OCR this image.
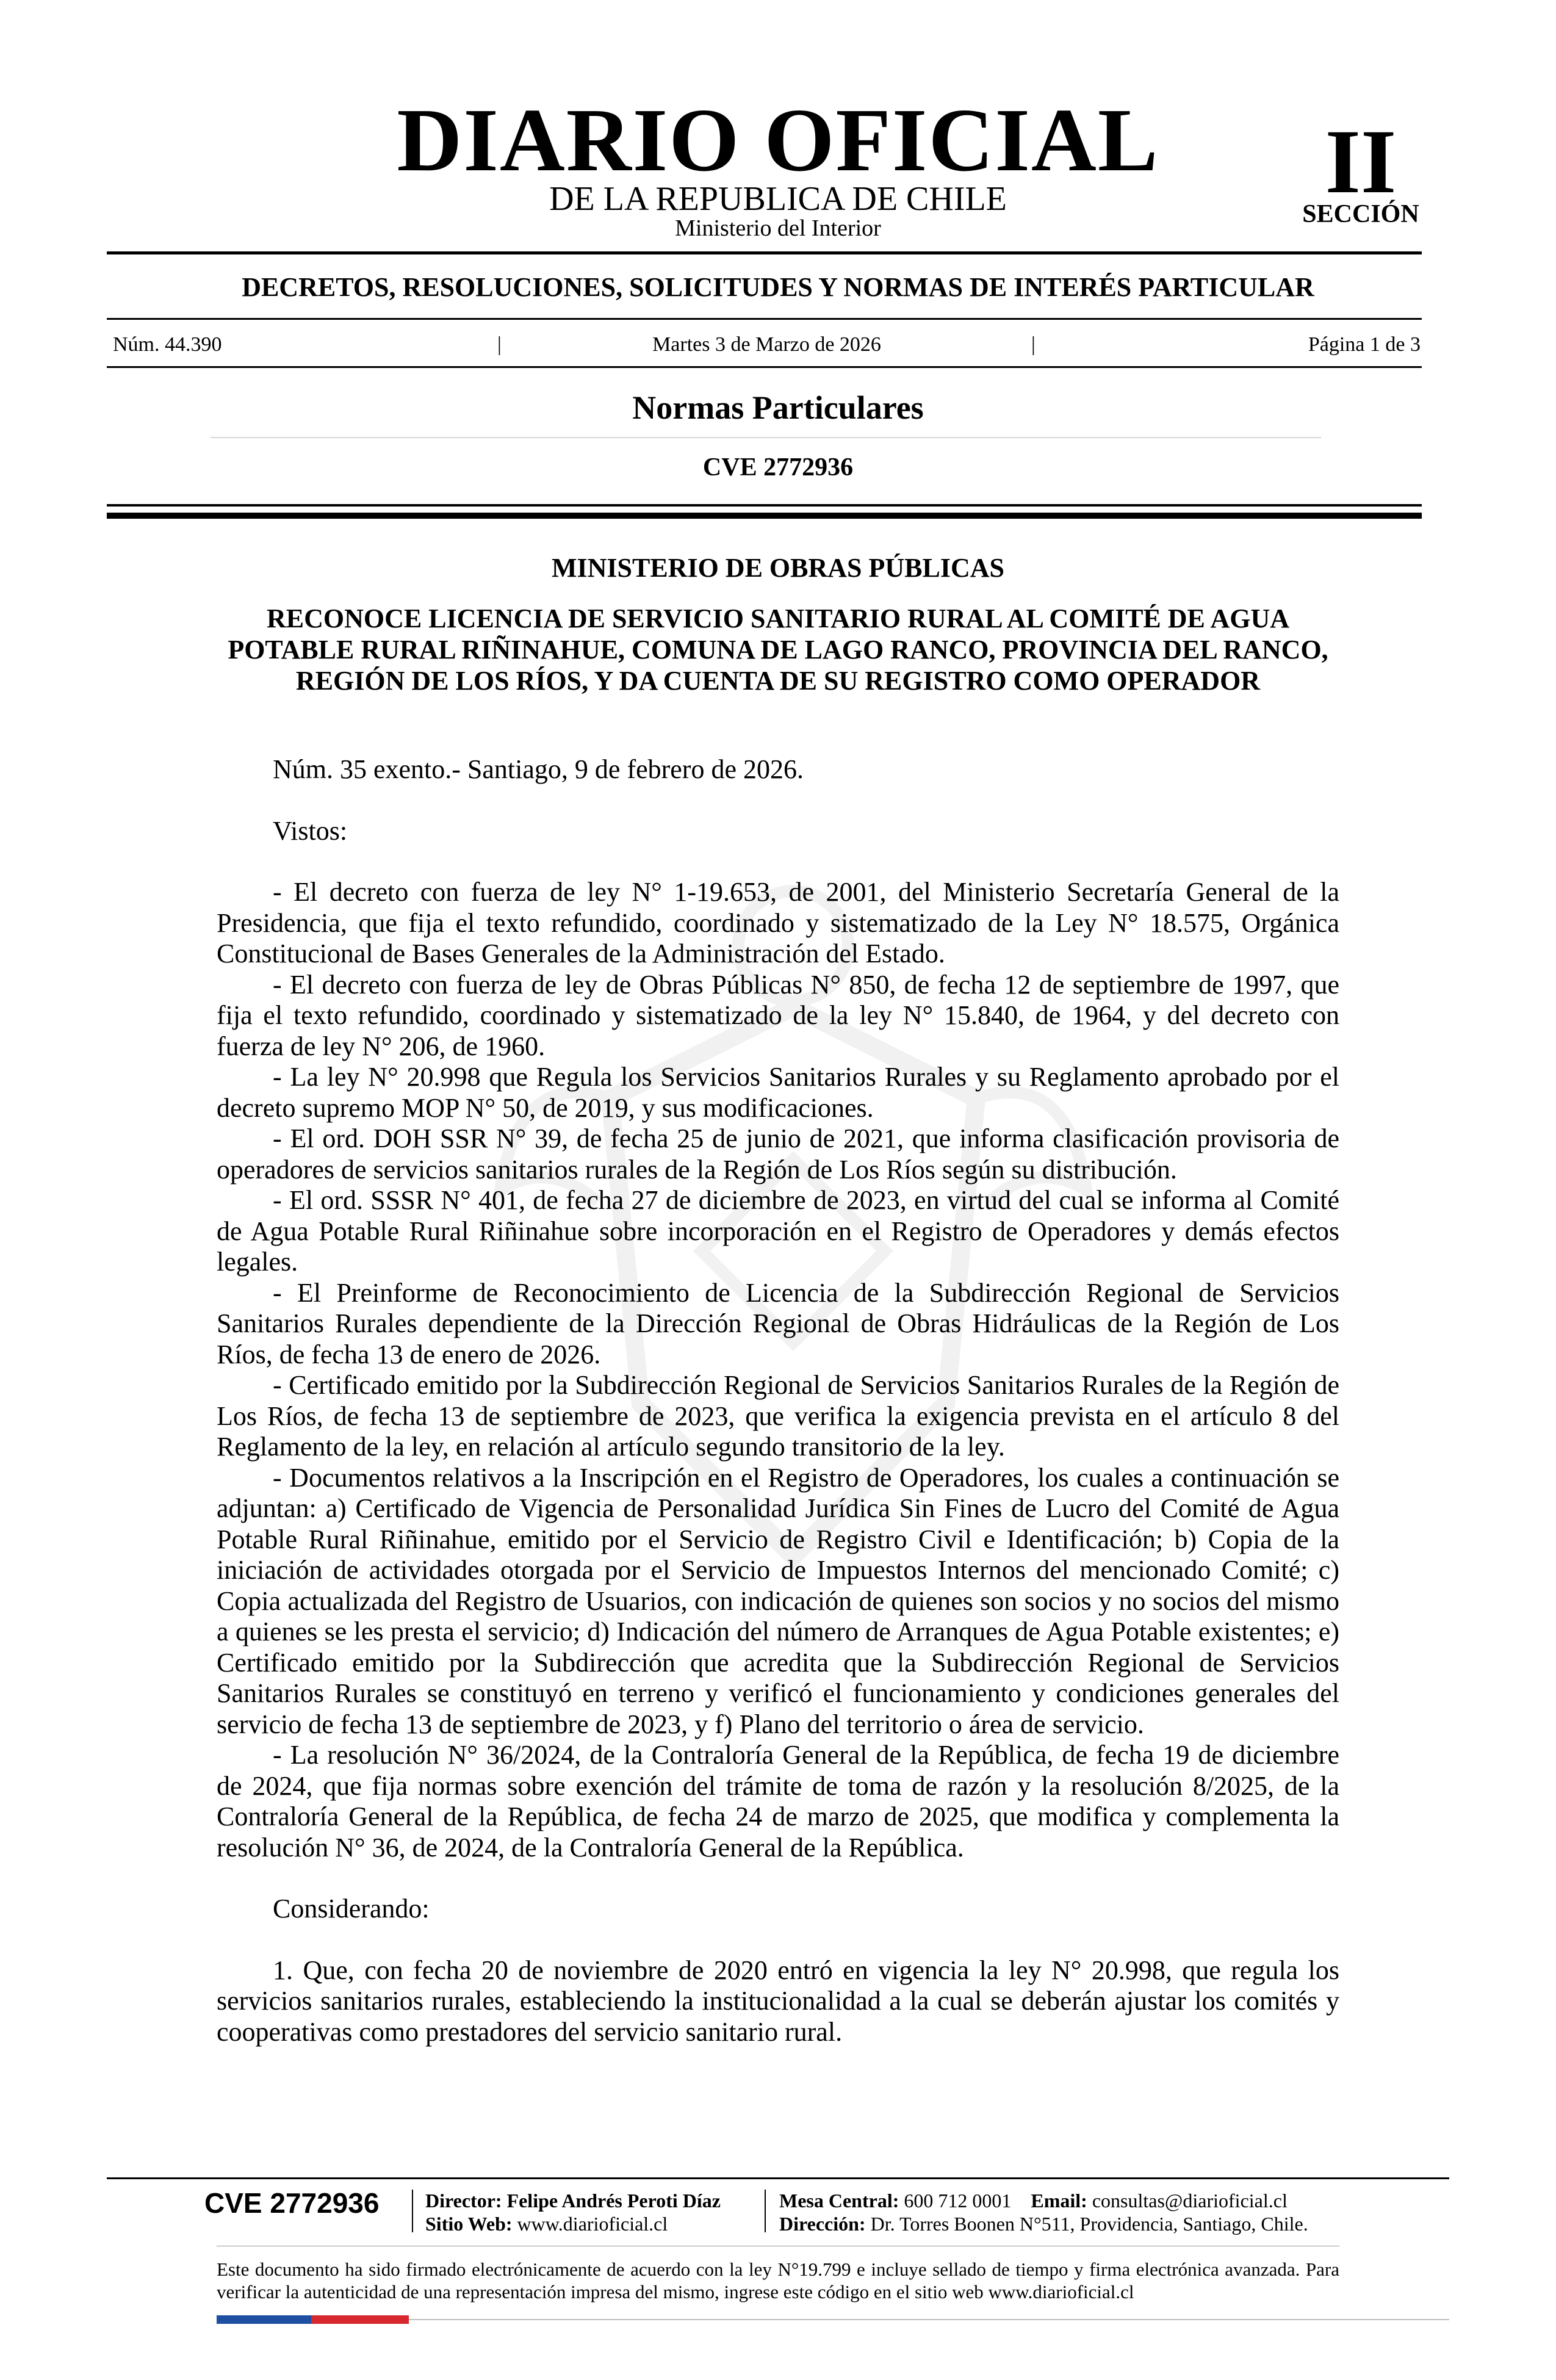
DIARIO OFICIAL
DE LA REPUBLICA DE CHILE
Ministerio del Interior
II
SECCIÓN
DECRETOS, RESOLUCIONES, SOLICITUDES Y NORMAS DE INTERÉS PARTICULAR
Núm. 44.390	|	Martes 3 de Marzo de 2026	|	Página 1 de 3
Normas Particulares
CVE 2772936
MINISTERIO DE OBRAS PÚBLICAS
RECONOCE LICENCIA DE SERVICIO SANITARIO RURAL AL COMITÉ DE AGUA POTABLE RURAL RIÑINAHUE, COMUNA DE LAGO RANCO, PROVINCIA DEL RANCO, REGIÓN DE LOS RÍOS, Y DA CUENTA DE SU REGISTRO COMO OPERADOR

Núm. 35 exento.- Santiago, 9 de febrero de 2026.

Vistos:

- El decreto con fuerza de ley N° 1-19.653, de 2001, del Ministerio Secretaría General de la Presidencia, que fija el texto refundido, coordinado y sistematizado de la Ley N° 18.575, Orgánica Constitucional de Bases Generales de la Administración del Estado.

- El decreto con fuerza de ley de Obras Públicas N° 850, de fecha 12 de septiembre de 1997, que fija el texto refundido, coordinado y sistematizado de la ley N° 15.840, de 1964, y del decreto con fuerza de ley N° 206, de 1960.

- La ley N° 20.998 que Regula los Servicios Sanitarios Rurales y su Reglamento aprobado por el decreto supremo MOP N° 50, de 2019, y sus modificaciones.

- El ord. DOH SSR N° 39, de fecha 25 de junio de 2021, que informa clasificación provisoria de operadores de servicios sanitarios rurales de la Región de Los Ríos según su distribución.

- El ord. SSSR N° 401, de fecha 27 de diciembre de 2023, en virtud del cual se informa al Comité de Agua Potable Rural Riñinahue sobre incorporación en el Registro de Operadores y demás efectos legales.

- El Preinforme de Reconocimiento de Licencia de la Subdirección Regional de Servicios Sanitarios Rurales dependiente de la Dirección Regional de Obras Hidráulicas de la Región de Los Ríos, de fecha 13 de enero de 2026.

- Certificado emitido por la Subdirección Regional de Servicios Sanitarios Rurales de la Región de Los Ríos, de fecha 13 de septiembre de 2023, que verifica la exigencia prevista en el artículo 8 del Reglamento de la ley, en relación al artículo segundo transitorio de la ley.

- Documentos relativos a la Inscripción en el Registro de Operadores, los cuales a continuación se adjuntan: a) Certificado de Vigencia de Personalidad Jurídica Sin Fines de Lucro del Comité de Agua Potable Rural Riñinahue, emitido por el Servicio de Registro Civil e Identificación; b) Copia de la iniciación de actividades otorgada por el Servicio de Impuestos Internos del mencionado Comité; c) Copia actualizada del Registro de Usuarios, con indicación de quienes son socios y no socios del mismo a quienes se les presta el servicio; d) Indicación del número de Arranques de Agua Potable existentes; e) Certificado emitido por la Subdirección que acredita que la Subdirección Regional de Servicios Sanitarios Rurales se constituyó en terreno y verificó el funcionamiento y condiciones generales del servicio de fecha 13 de septiembre de 2023, y f) Plano del territorio o área de servicio.

- La resolución N° 36/2024, de la Contraloría General de la República, de fecha 19 de diciembre de 2024, que fija normas sobre exención del trámite de toma de razón y la resolución 8/2025, de la Contraloría General de la República, de fecha 24 de marzo de 2025, que modifica y complementa la resolución N° 36, de 2024, de la Contraloría General de la República.

Considerando:

1. Que, con fecha 20 de noviembre de 2020 entró en vigencia la ley N° 20.998, que regula los servicios sanitarios rurales, estableciendo la institucionalidad a la cual se deberán ajustar los comités y cooperativas como prestadores del servicio sanitario rural.

CVE 2772936	Director: Felipe Andrés Peroti Díaz
Sitio Web: www.diarioficial.cl
Mesa Central: 600 712 0001 Email: consultas@diarioficial.cl
Dirección: Dr. Torres Boonen N°511, Providencia, Santiago, Chile.
Este documento ha sido firmado electrónicamente de acuerdo con la ley N°19.799 e incluye sellado de tiempo y firma electrónica avanzada. Para verificar la autenticidad de una representación impresa del mismo, ingrese este código en el sitio web www.diarioficial.cl
